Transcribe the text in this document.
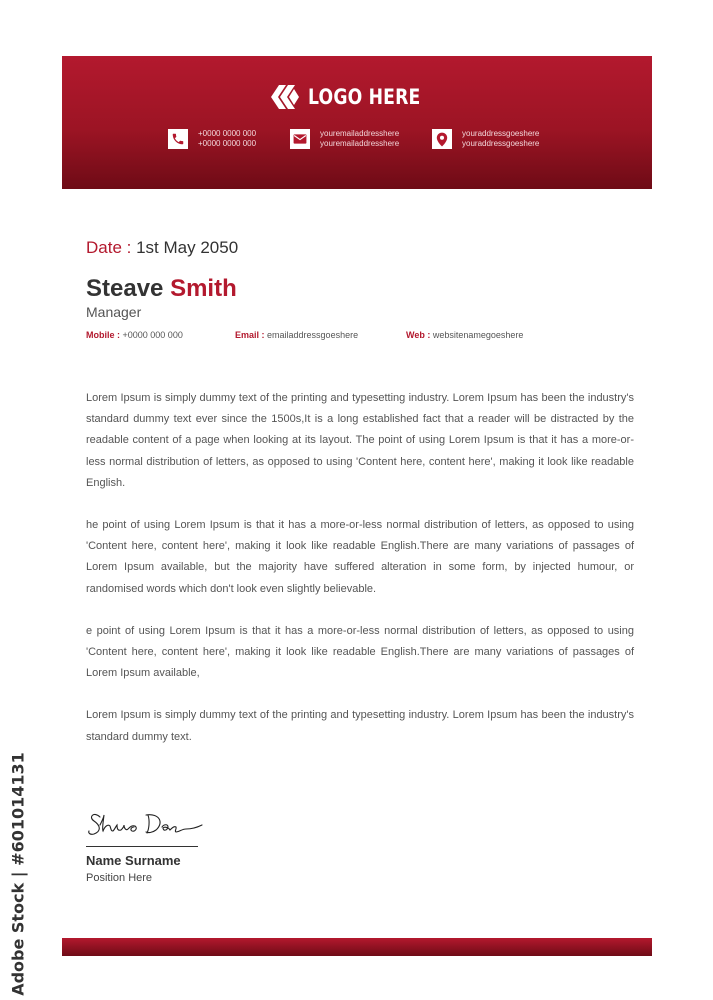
LOGO HERE
+0000 0000 000
+0000 0000 000
youremailaddresshere
youremailaddresshere
youraddressgoeshere
youraddressgoeshere
Date : 1st May 2050
Steave Smith
Manager
Mobile : +0000 000 000	Email : emailaddressgoeshere	Web : websitenamegoeshere

Lorem Ipsum is simply dummy text of the printing and typesetting industry. Lorem Ipsum has been the industry's standard dummy text ever since the 1500s,It is a long established fact that a reader will be distracted by the readable content of a page when looking at its layout. The point of using Lorem Ipsum is that it has a more-or-less normal distribution of letters, as opposed to using 'Content here, content here', making it look like readable English.

he point of using Lorem Ipsum is that it has a more-or-less normal distribution of letters, as opposed to using 'Content here, content here', making it look like readable English.There are many variations of passages of Lorem Ipsum available, but the majority have suffered alteration in some form, by injected humour, or randomised words which don't look even slightly believable.

e point of using Lorem Ipsum is that it has a more-or-less normal distribution of letters, as opposed to using 'Content here, content here', making it look like readable English.There are many variations of passages of Lorem Ipsum available,

Lorem Ipsum is simply dummy text of the printing and typesetting industry. Lorem Ipsum has been the industry's standard dummy text.

Name Surname
Position Here
Adobe Stock | #601014131
